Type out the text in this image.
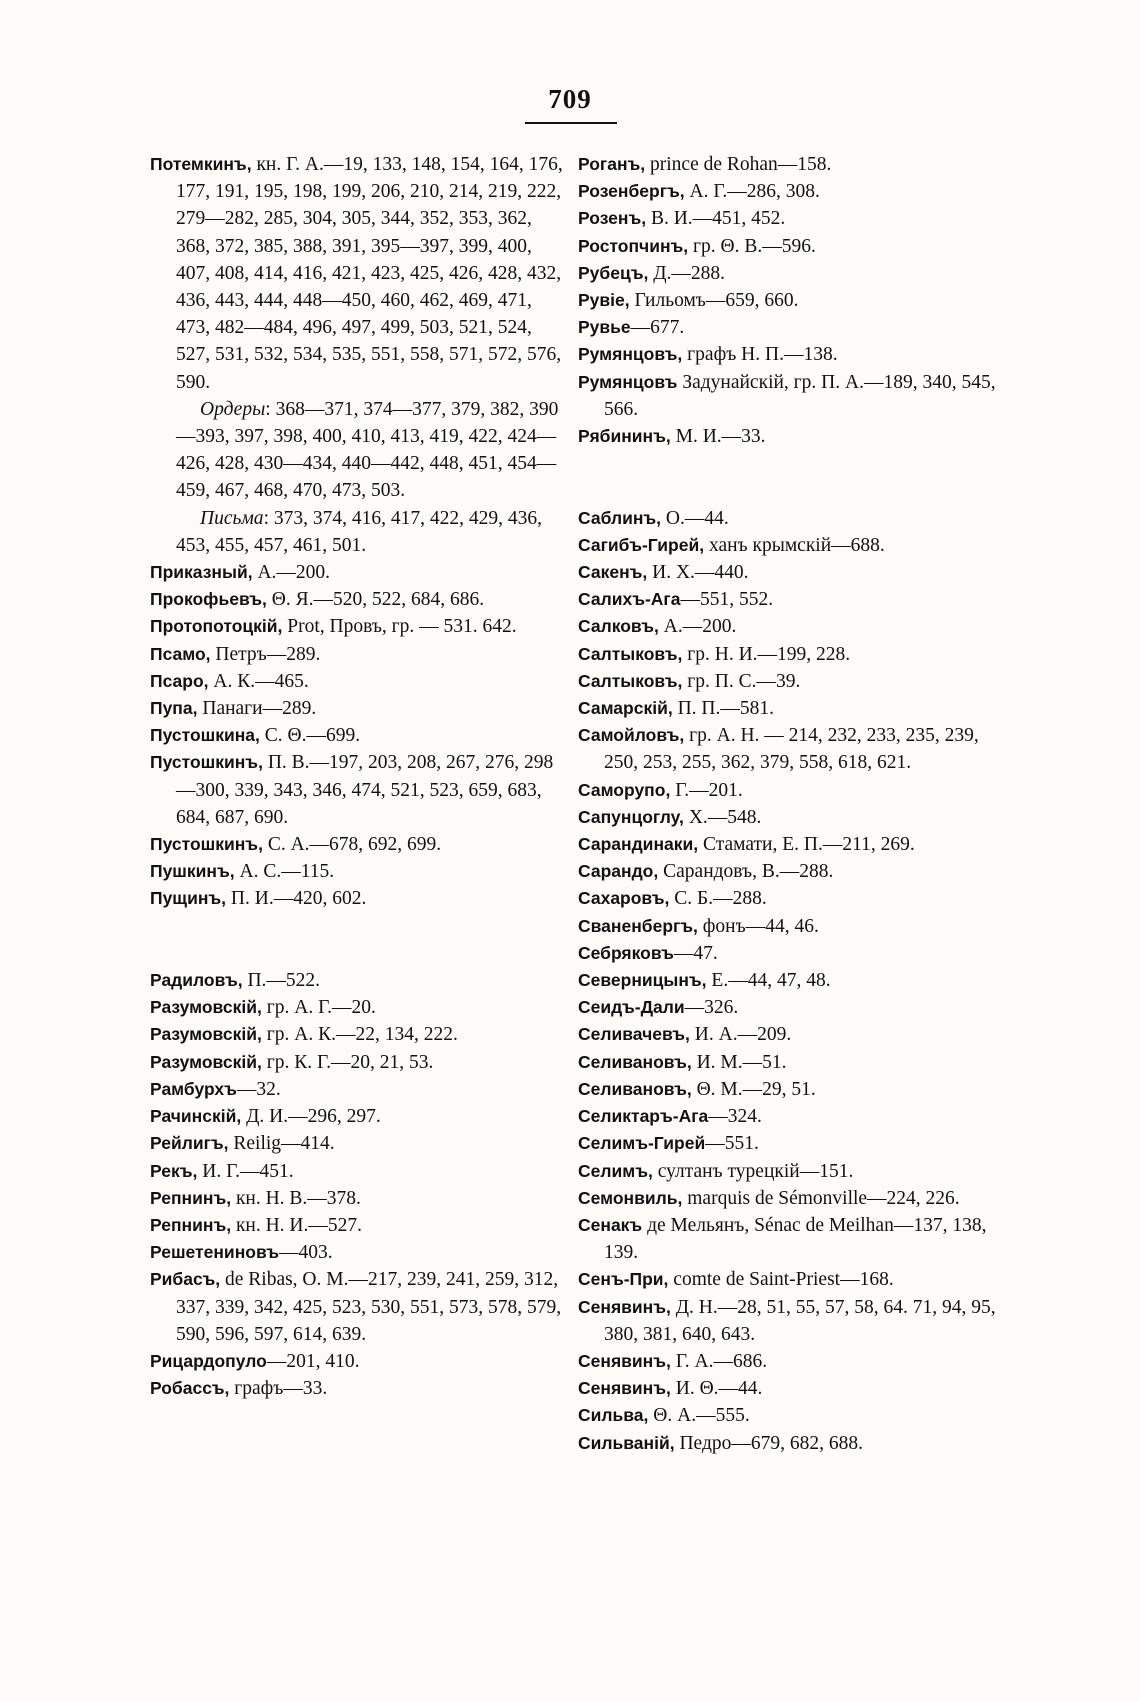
709
Потемкинъ, кн. Г. А.—19, 133, 148, 154, 164, 176, 177, 191, 195, 198, 199, 206, 210, 214, 219, 222, 279—282, 285, 304, 305, 344, 352, 353, 362, 368, 372, 385, 388, 391, 395—397, 399, 400, 407, 408, 414, 416, 421, 423, 425, 426, 428, 432, 436, 443, 444, 448—450, 460, 462, 469, 471, 473, 482—484, 496, 497, 499, 503, 521, 524, 527, 531, 532, 534, 535, 551, 558, 571, 572, 576, 590.
Ордеры: 368—371, 374—377, 379, 382, 390—393, 397, 398, 400, 410, 413, 419, 422, 424—426, 428, 430—434, 440—442, 448, 451, 454—459, 467, 468, 470, 473, 503.
Письма: 373, 374, 416, 417, 422, 429, 436, 453, 455, 457, 461, 501.
Приказный, А.—200.
Прокофьевъ, Θ. Я.—520, 522, 684, 686.
Протопотоцкій, Prot, Провъ, гр. — 531. 642.
Псамо, Петръ—289.
Псаро, А. К.—465.
Пупа, Панаги—289.
Пустошкина, С. Θ.—699.
Пустошкинъ, П. В.—197, 203, 208, 267, 276, 298—300, 339, 343, 346, 474, 521, 523, 659, 683, 684, 687, 690.
Пустошкинъ, С. А.—678, 692, 699.
Пушкинъ, А. С.—115.
Пущинъ, П. И.—420, 602.
Радиловъ, П.—522.
Разумовскій, гр. А. Г.—20.
Разумовскій, гр. А. К.—22, 134, 222.
Разумовскій, гр. К. Г.—20, 21, 53.
Рамбурхъ—32.
Рачинскій, Д. И.—296, 297.
Рейлигъ, Reilig—414.
Рекъ, И. Г.—451.
Репнинъ, кн. Н. В.—378.
Репнинъ, кн. Н. И.—527.
Решетениновъ—403.
Рибасъ, de Ribas, О. М.—217, 239, 241, 259, 312, 337, 339, 342, 425, 523, 530, 551, 573, 578, 579, 590, 596, 597, 614, 639.
Рицардопуло—201, 410.
Робассъ, графъ—33.
Роганъ, prince de Rohan—158.
Розенбергъ, А. Г.—286, 308.
Розенъ, В. И.—451, 452.
Ростопчинъ, гр. Θ. В.—596.
Рубецъ, Д.—288.
Рувіе, Гильомъ—659, 660.
Рувье—677.
Румянцовъ, графъ Н. П.—138.
Румянцовъ Задунайскій, гр. П. А.—189, 340, 545, 566.
Рябининъ, М. И.—33.
Саблинъ, О.—44.
Сагибъ-Гирей, ханъ крымскій—688.
Сакенъ, И. Х.—440.
Салихъ-Ага—551, 552.
Салковъ, А.—200.
Салтыковъ, гр. Н. И.—199, 228.
Салтыковъ, гр. П. С.—39.
Самарскій, П. П.—581.
Самойловъ, гр. А. Н. — 214, 232, 233, 235, 239, 250, 253, 255, 362, 379, 558, 618, 621.
Саморупо, Г.—201.
Сапунцоглу, Х.—548.
Сарандинаки, Стамати, Е. П.—211, 269.
Сарандо, Сарандовъ, В.—288.
Сахаровъ, С. Б.—288.
Сваненбергъ, фонъ—44, 46.
Себряковъ—47.
Северницынъ, Е.—44, 47, 48.
Сеидъ-Дали—326.
Селивачевъ, И. А.—209.
Селивановъ, И. М.—51.
Селивановъ, Θ. М.—29, 51.
Селиктаръ-Ага—324.
Селимъ-Гирей—551.
Селимъ, султанъ турецкій—151.
Семонвиль, marquis de Sémonville—224, 226.
Сенакъ де Мельянъ, Sénac de Meilhan—137, 138, 139.
Сенъ-При, comte de Saint-Priest—168.
Сенявинъ, Д. Н.—28, 51, 55, 57, 58, 64. 71, 94, 95, 380, 381, 640, 643.
Сенявинъ, Г. А.—686.
Сенявинъ, И. Θ.—44.
Сильва, Θ. А.—555.
Сильваній, Педро—679, 682, 688.
